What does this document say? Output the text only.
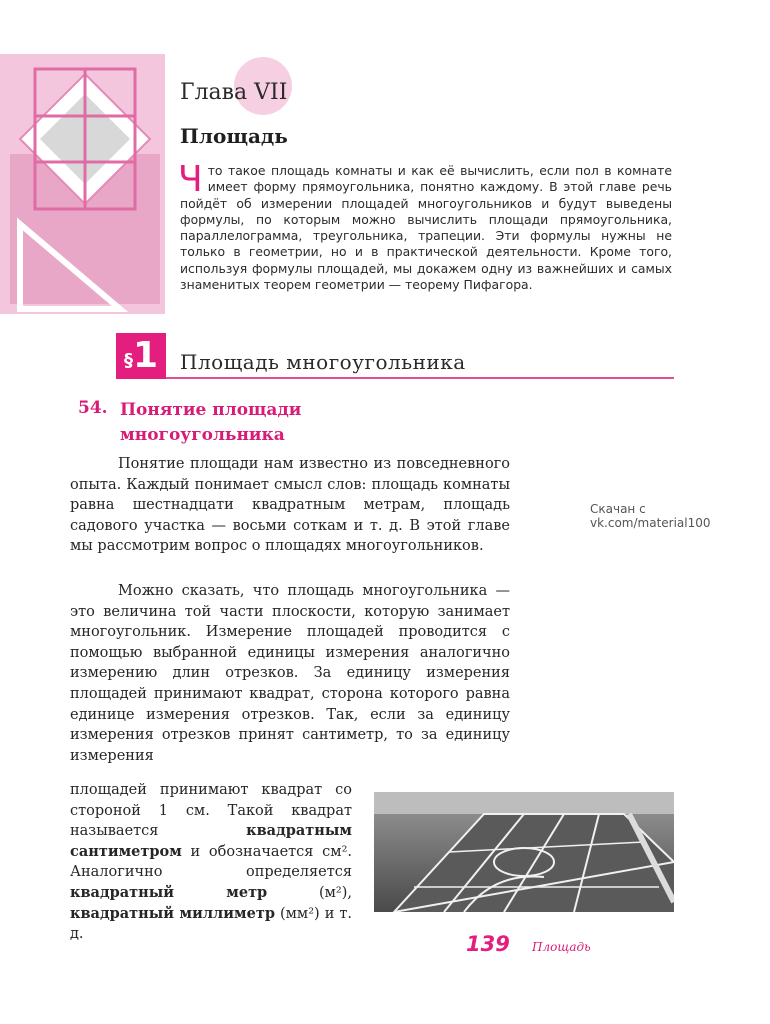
Глава VII
Площадь

Что такое площадь комнаты и как её вычислить, если пол в комнате имеет форму прямоугольника, понятно каждому. В этой главе речь пойдёт об измерении площадей многоугольников и будут выведены формулы, по которым можно вычислить площади прямоугольника, параллелограмма, треугольника, трапеции. Эти формулы нужны не только в геометрии, но и в практической деятельности. Кроме того, используя формулы площадей, мы докажем одну из важнейших и самых знаменитых теорем геометрии — теорему Пифагора.

§ 1 Площадь многоугольника
54. Понятие площади многоугольника

Понятие площади нам известно из повседневного опыта. Каждый понимает смысл слов: площадь комнаты равна шестнадцати квадратным метрам, площадь садового участка — восьми соткам и т. д. В этой главе мы рассмотрим вопрос о площадях многоугольников.

Можно сказать, что площадь многоугольника — это величина той части плоскости, которую занимает многоугольник. Измерение площадей проводится с помощью выбранной единицы измерения аналогично измерению длин отрезков. За единицу измерения площадей принимают квадрат, сторона которого равна единице измерения отрезков. Так, если за единицу измерения отрезков принят сантиметр, то за единицу измерения

площадей принимают квадрат со стороной 1 см. Такой квадрат называется квадратным сантиметром и обозначается см². Аналогично определяется квадратный метр (м²), квадратный миллиметр (мм²) и т. д.

Скачан с vk.com/material100
139 Площадь
